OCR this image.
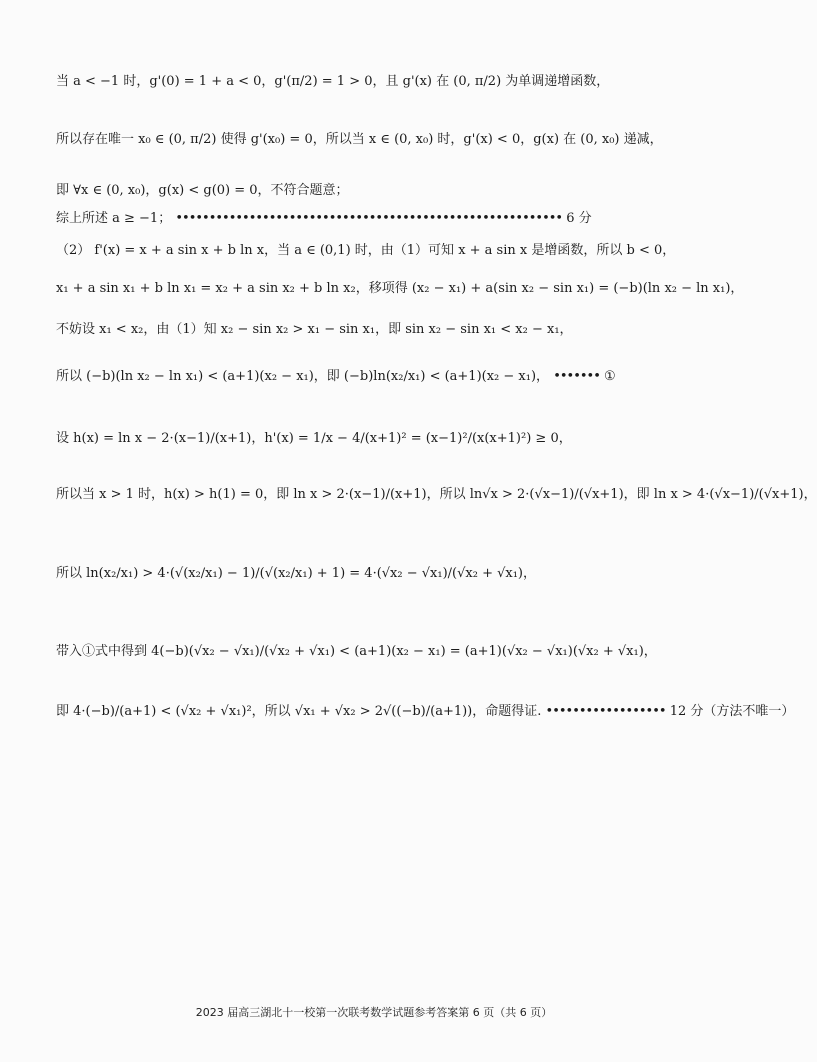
当 a < −1 时，g'(0) = 1 + a < 0，g'(π/2) = 1 > 0，且 g'(x) 在 (0, π/2) 为单调递增函数，
所以存在唯一 x₀ ∈ (0, π/2) 使得 g'(x₀) = 0，所以当 x ∈ (0, x₀) 时，g'(x) < 0，g(x) 在 (0, x₀) 递减，
即 ∀x ∈ (0, x₀)，g(x) < g(0) = 0，不符合题意；
综上所述 a ≥ −1； •••••••••••••••••••••••••••••••••••••••••••••••••••••••••• 6 分
（2） f'(x) = x + a sin x + b ln x，当 a ∈ (0,1) 时，由（1）可知 x + a sin x 是增函数，所以 b < 0，
x₁ + a sin x₁ + b ln x₁ = x₂ + a sin x₂ + b ln x₂，移项得 (x₂ − x₁) + a(sin x₂ − sin x₁) = (−b)(ln x₂ − ln x₁)，
不妨设 x₁ < x₂，由（1）知 x₂ − sin x₂ > x₁ − sin x₁，即 sin x₂ − sin x₁ < x₂ − x₁，
所以 (−b)(ln x₂ − ln x₁) < (a+1)(x₂ − x₁)，即 (−b)ln(x₂/x₁) < (a+1)(x₂ − x₁)， ••••••• ①
设 h(x) = ln x − 2·(x−1)/(x+1)，h'(x) = 1/x − 4/(x+1)² = (x−1)²/(x(x+1)²) ≥ 0，
所以当 x > 1 时，h(x) > h(1) = 0，即 ln x > 2·(x−1)/(x+1)，所以 ln√x > 2·(√x−1)/(√x+1)，即 ln x > 4·(√x−1)/(√x+1)，
所以 ln(x₂/x₁) > 4·(√(x₂/x₁) − 1)/(√(x₂/x₁) + 1) = 4·(√x₂ − √x₁)/(√x₂ + √x₁)，
带入①式中得到 4(−b)(√x₂ − √x₁)/(√x₂ + √x₁) < (a+1)(x₂ − x₁) = (a+1)(√x₂ − √x₁)(√x₂ + √x₁)，
即 4·(−b)/(a+1) < (√x₂ + √x₁)²，所以 √x₁ + √x₂ > 2√((−b)/(a+1))，命题得证. •••••••••••••••••• 12 分（方法不唯一）
2023 届高三湖北十一校第一次联考数学试题参考答案第 6 页（共 6 页）
